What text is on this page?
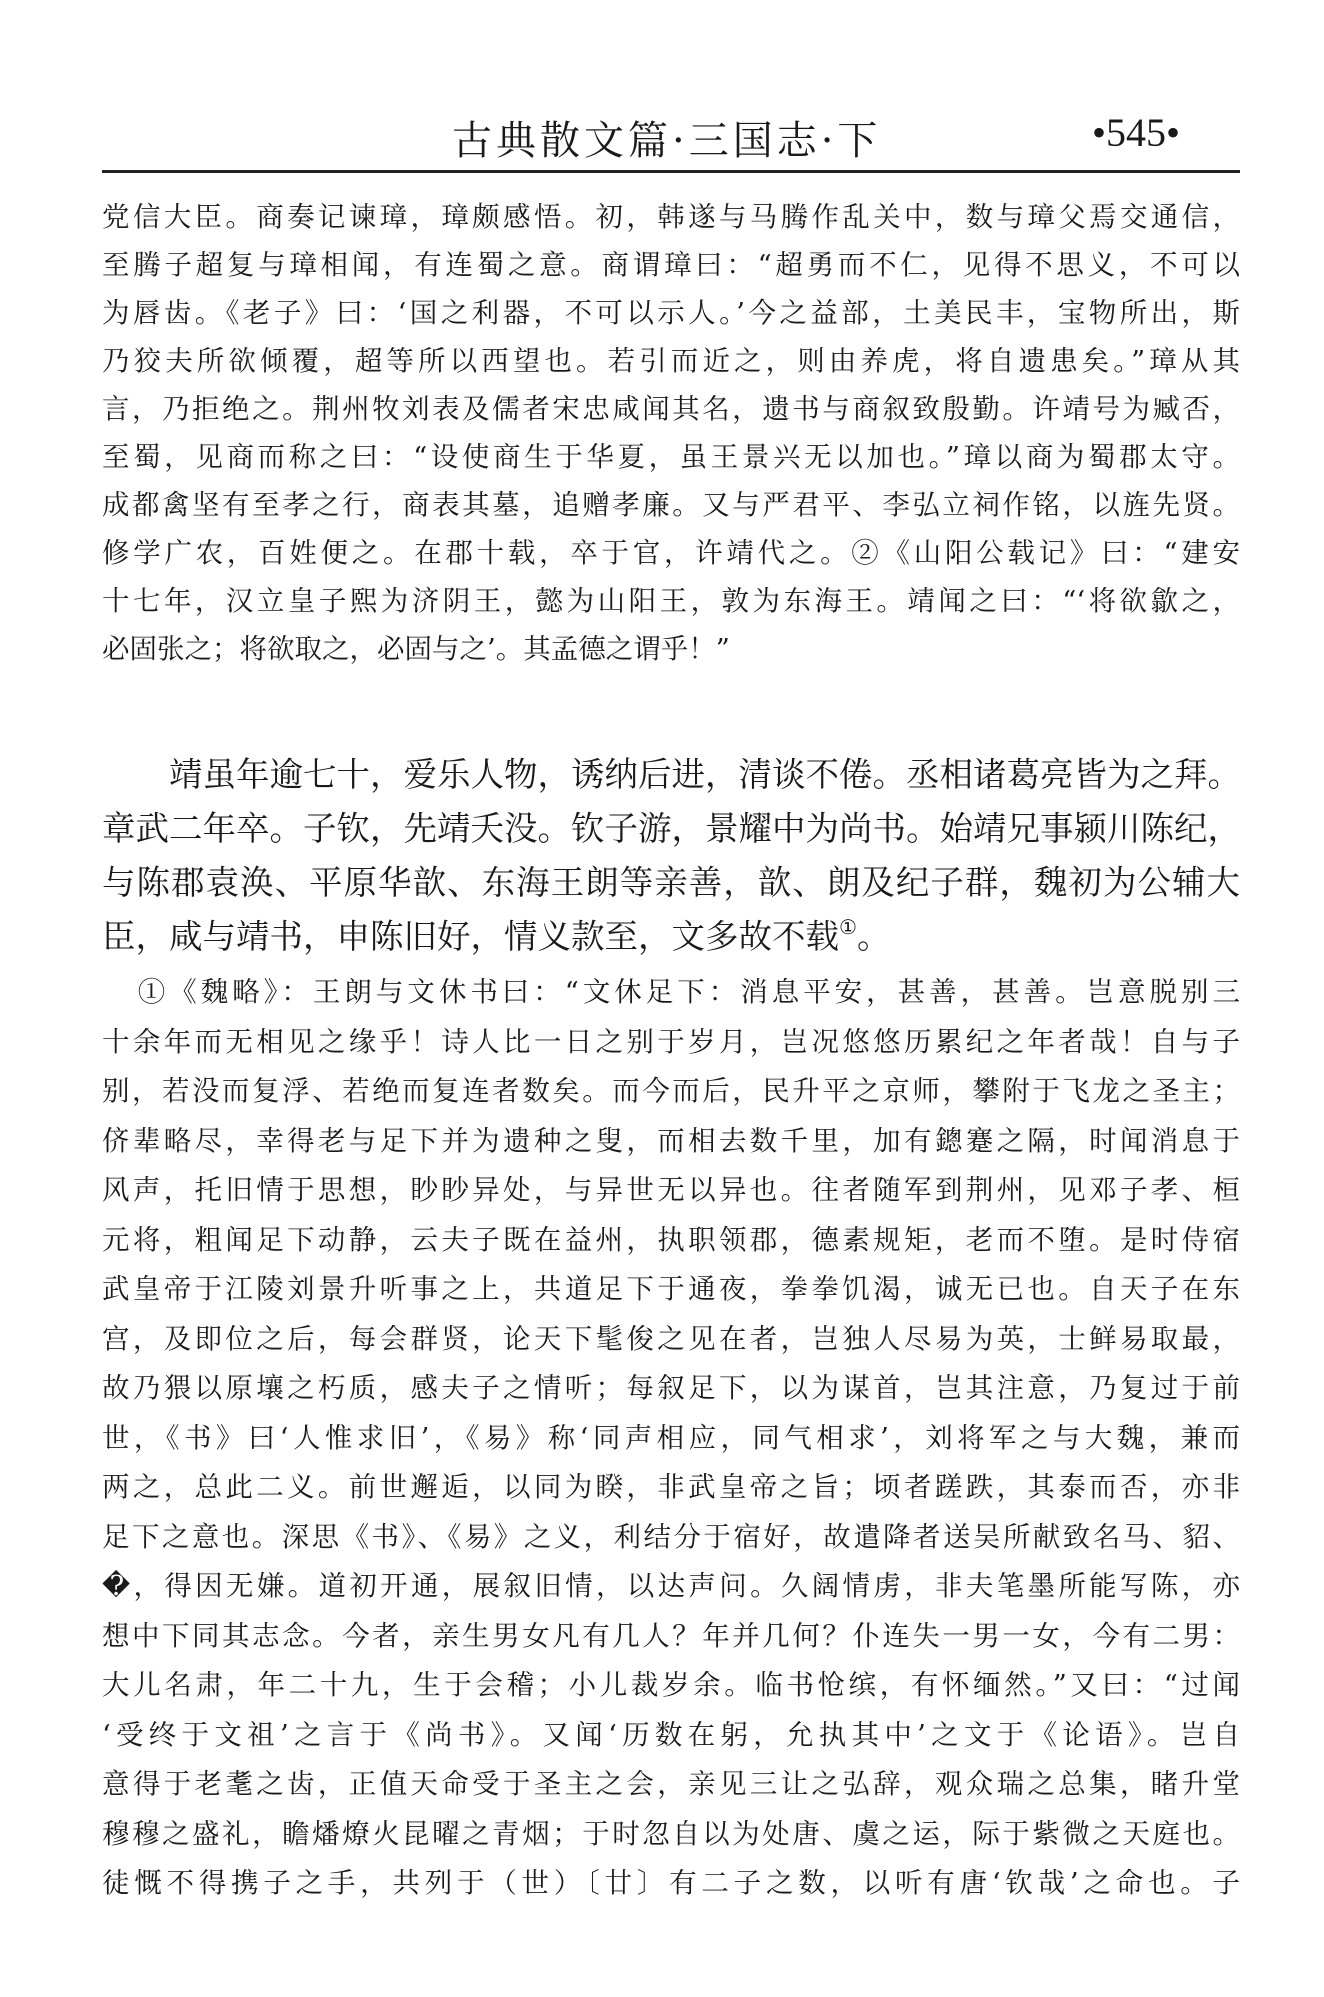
古典散文篇·三国志·下	•545•
党信大臣。商奏记谏璋，璋颇感悟。初，韩遂与马腾作乱关中，数与璋父焉交通信，
至腾子超复与璋相闻，有连蜀之意。商谓璋曰：“超勇而不仁，见得不思义，不可以
为唇齿。《老子》曰：‘国之利器，不可以示人。’今之益部，土美民丰，宝物所出，斯
乃狡夫所欲倾覆，超等所以西望也。若引而近之，则由养虎，将自遗患矣。”璋从其
言，乃拒绝之。荆州牧刘表及儒者宋忠咸闻其名，遗书与商叙致殷勤。许靖号为臧否，
至蜀，见商而称之曰：“设使商生于华夏，虽王景兴无以加也。”璋以商为蜀郡太守。
成都禽坚有至孝之行，商表其墓，追赠孝廉。又与严君平、李弘立祠作铭，以旌先贤。
修学广农，百姓便之。在郡十载，卒于官，许靖代之。②《山阳公载记》曰：“建安
十七年，汉立皇子熙为济阴王，懿为山阳王，敦为东海王。靖闻之曰：“‘将欲歙之，
必固张之；将欲取之，必固与之’。其孟德之谓乎！”
靖虽年逾七十，爱乐人物，诱纳后进，清谈不倦。丞相诸葛亮皆为之拜。
章武二年卒。子钦，先靖夭没。钦子游，景耀中为尚书。始靖兄事颍川陈纪，
与陈郡袁涣、平原华歆、东海王朗等亲善，歆、朗及纪子群，魏初为公辅大
臣，咸与靖书，申陈旧好，情义款至，文多故不载①。
①《魏略》：王朗与文休书曰：“文休足下：消息平安，甚善，甚善。岂意脱别三
十余年而无相见之缘乎！诗人比一日之别于岁月，岂况悠悠历累纪之年者哉！自与子
别，若没而复浮、若绝而复连者数矣。而今而后，民升平之京师，攀附于飞龙之圣主；
侪辈略尽，幸得老与足下并为遗种之叟，而相去数千里，加有鏓蹇之隔，时闻消息于
风声，托旧情于思想，眇眇异处，与异世无以异也。往者随军到荆州，见邓子孝、桓
元将，粗闻足下动静，云夫子既在益州，执职领郡，德素规矩，老而不堕。是时侍宿
武皇帝于江陵刘景升听事之上，共道足下于通夜，拳拳饥渴，诚无已也。自天子在东
宫，及即位之后，每会群贤，论天下髦俊之见在者，岂独人尽易为英，士鲜易取最，
故乃猥以原壤之朽质，感夫子之情听；每叙足下，以为谋首，岂其注意，乃复过于前
世，《书》曰‘人惟求旧’，《易》称‘同声相应，同气相求’，刘将军之与大魏，兼而
两之，总此二义。前世邂逅，以同为睽，非武皇帝之旨；顷者蹉跌，其泰而否，亦非
足下之意也。深思《书》、《易》之义，利结分于宿好，故遣降者送吴所献致名马、貂、
�，得因无嫌。道初开通，展叙旧情，以达声问。久阔情虏，非夫笔墨所能写陈，亦
想中下同其志念。今者，亲生男女凡有几人？年并几何？仆连失一男一女，今有二男：
大儿名肃，年二十九，生于会稽；小儿裁岁余。临书怆缤，有怀缅然。”又曰：“过闻
‘受终于文祖’之言于《尚书》。又闻‘历数在躬，允执其中’之文于《论语》。岂自
意得于老耄之齿，正值天命受于圣主之会，亲见三让之弘辞，观众瑞之总集，睹升堂
穆穆之盛礼，瞻燔燎火昆曜之青烟；于时忽自以为处唐、虞之运，际于紫微之天庭也。
徒慨不得携子之手，共列于（世）〔廿〕有二子之数，以听有唐‘钦哉’之命也。子
